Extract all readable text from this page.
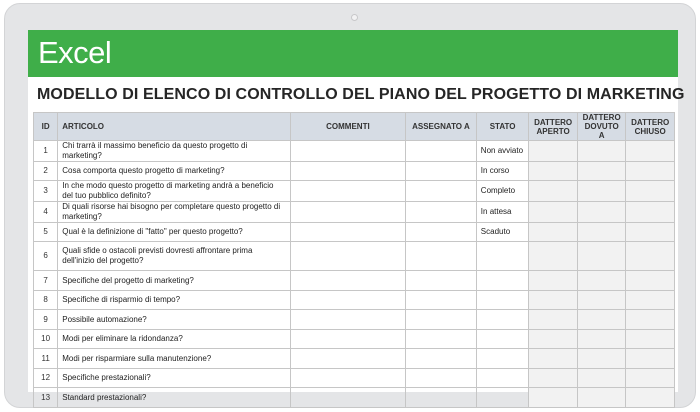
Excel
MODELLO DI ELENCO DI CONTROLLO DEL PIANO DEL PROGETTO DI MARKETING
ID	ARTICOLO	COMMENTI	ASSEGNATO A	STATO	DATTERO APERTO	DATTERO DOVUTO A	DATTERO CHIUSO
1	Chi trarrà il massimo beneficio da questo progetto di marketing?			Non avviato			
2	Cosa comporta questo progetto di marketing?			In corso			
3	In che modo questo progetto di marketing andrà a beneficio del tuo pubblico definito?			Completo			
4	Di quali risorse hai bisogno per completare questo progetto di marketing?			In attesa			
5	Qual è la definizione di "fatto" per questo progetto?			Scaduto			
6	Quali sfide o ostacoli previsti dovresti affrontare prima dell'inizio del progetto?						
7	Specifiche del progetto di marketing?						
8	Specifiche di risparmio di tempo?						
9	Possibile automazione?						
10	Modi per eliminare la ridondanza?						
11	Modi per risparmiare sulla manutenzione?						
12	Specifiche prestazionali?						
13	Standard prestazionali?						
